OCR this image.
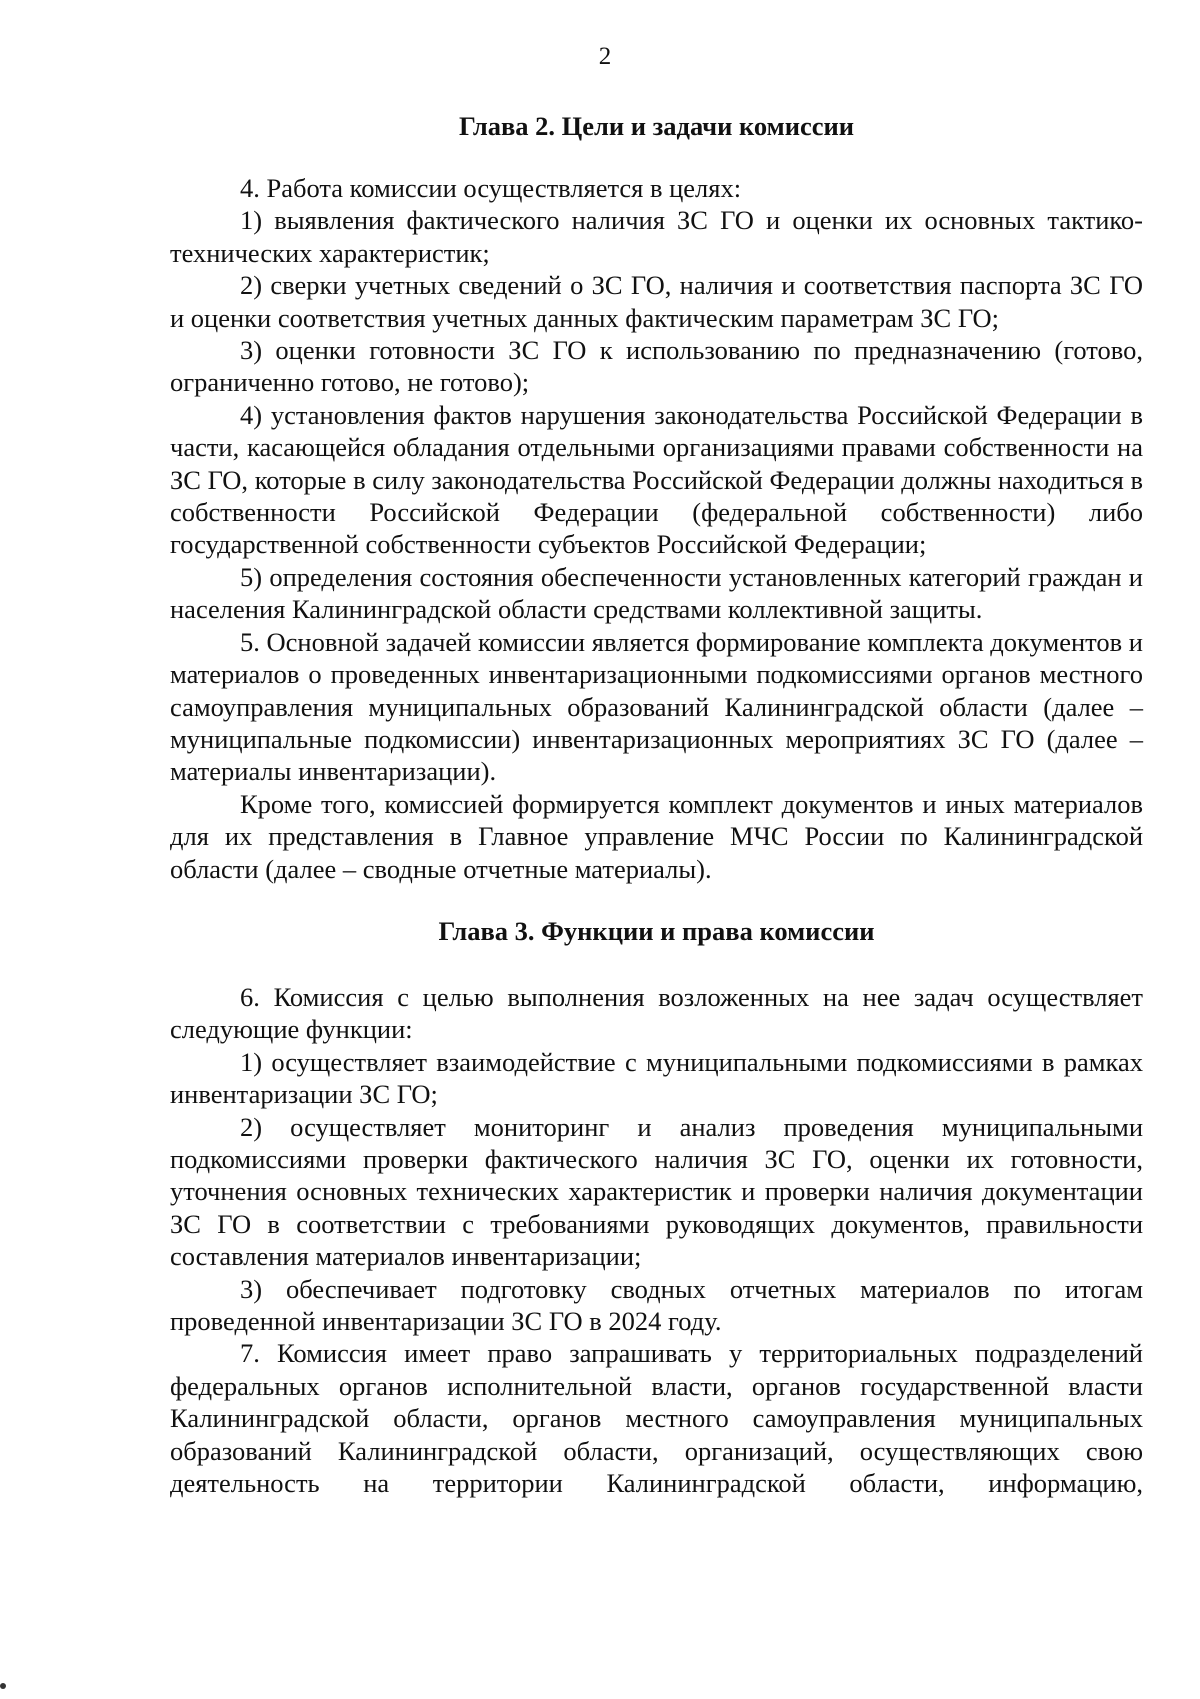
2
Глава 2. Цели и задачи комиссии

4. Работа комиссии осуществляется в целях:

1) выявления фактического наличия ЗС ГО и оценки их основных тактико-технических характеристик;

2) сверки учетных сведений о ЗС ГО, наличия и соответствия паспорта ЗС ГО и оценки соответствия учетных данных фактическим параметрам ЗС ГО;

3) оценки готовности ЗС ГО к использованию по предназначению (готово, ограниченно готово, не готово);

4) установления фактов нарушения законодательства Российской Федерации в части, касающейся обладания отдельными организациями правами собственности на ЗС ГО, которые в силу законодательства Российской Федерации должны находиться в собственности Российской Федерации (федеральной собственности) либо государственной собственности субъектов Российской Федерации;

5) определения состояния обеспеченности установленных категорий граждан и населения Калининградской области средствами коллективной защиты.

5. Основной задачей комиссии является формирование комплекта документов и материалов о проведенных инвентаризационными подкомиссиями органов местного самоуправления муниципальных образований Калининградской области (далее – муниципальные подкомиссии) инвентаризационных мероприятиях ЗС ГО (далее – материалы инвентаризации).

Кроме того, комиссией формируется комплект документов и иных материалов для их представления в Главное управление МЧС России по Калининградской области (далее – сводные отчетные материалы).

Глава 3. Функции и права комиссии

6. Комиссия с целью выполнения возложенных на нее задач осуществляет следующие функции:

1) осуществляет взаимодействие с муниципальными подкомиссиями в рамках инвентаризации ЗС ГО;

2) осуществляет мониторинг и анализ проведения муниципальными подкомиссиями проверки фактического наличия ЗС ГО, оценки их готовности, уточнения основных технических характеристик и проверки наличия документации ЗС ГО в соответствии с требованиями руководящих документов, правильности составления материалов инвентаризации;

3) обеспечивает подготовку сводных отчетных материалов по итогам проведенной инвентаризации ЗС ГО в 2024 году.

7. Комиссия имеет право запрашивать у территориальных подразделений федеральных органов исполнительной власти, органов государственной власти Калининградской области, органов местного самоуправления муниципальных образований Калининградской области, организаций, осуществляющих свою деятельность на территории Калининградской области, информацию,
